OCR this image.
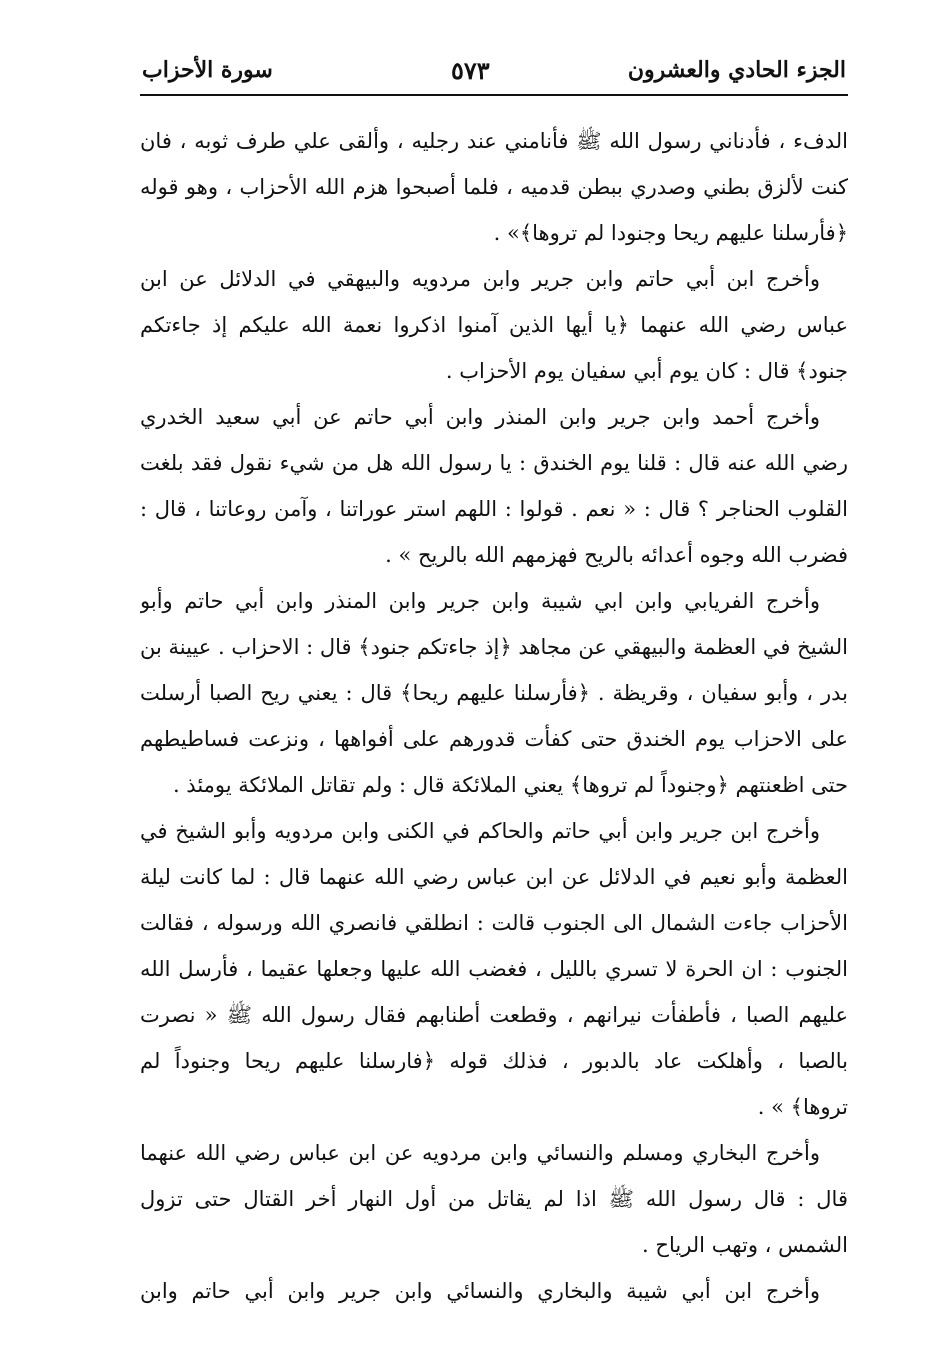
الجزء الحادي والعشرون
٥٧٣
سورة الأحزاب
الدفء ، فأدناني رسول الله ﷺ فأنامني عند رجليه ، وألقى علي طرف ثوبه ، فان
كنت لألزق بطني وصدري ببطن قدميه ، فلما أصبحوا هزم الله الأحزاب ، وهو قوله
﴿فأرسلنا عليهم ريحا وجنودا لم تروها﴾» .
وأخرج ابن أبي حاتم وابن جرير وابن مردويه والبيهقي في الدلائل عن ابن
عباس رضي الله عنهما ﴿يا أيها الذين آمنوا اذكروا نعمة الله عليكم إذ جاءتكم
جنود﴾ قال : كان يوم أبي سفيان يوم الأحزاب .
وأخرج أحمد وابن جرير وابن المنذر وابن أبي حاتم عن أبي سعيد الخدري
رضي الله عنه قال : قلنا يوم الخندق : يا رسول الله هل من شيء نقول فقد بلغت
القلوب الحناجر ؟ قال : « نعم . قولوا : اللهم استر عوراتنا ، وآمن روعاتنا ، قال :
فضرب الله وجوه أعدائه بالريح فهزمهم الله بالريح » .
وأخرج الفريابي وابن ابي شيبة وابن جرير وابن المنذر وابن أبي حاتم وأبو
الشيخ في العظمة والبيهقي عن مجاهد ﴿إذ جاءتكم جنود﴾ قال : الاحزاب . عيينة بن
بدر ، وأبو سفيان ، وقريظة . ﴿فأرسلنا عليهم ريحا﴾ قال : يعني ريح الصبا أرسلت
على الاحزاب يوم الخندق حتى كفأت قدورهم على أفواهها ، ونزعت فساطيطهم
حتى اظعنتهم ﴿وجنوداً لم تروها﴾ يعني الملائكة قال : ولم تقاتل الملائكة يومئذ .
وأخرج ابن جرير وابن أبي حاتم والحاكم في الكنى وابن مردويه وأبو الشيخ في
العظمة وأبو نعيم في الدلائل عن ابن عباس رضي الله عنهما قال : لما كانت ليلة
الأحزاب جاءت الشمال الى الجنوب قالت : انطلقي فانصري الله ورسوله ، فقالت
الجنوب : ان الحرة لا تسري بالليل ، فغضب الله عليها وجعلها عقيما ، فأرسل الله
عليهم الصبا ، فأطفأت نيرانهم ، وقطعت أطنابهم فقال رسول الله ﷺ « نصرت
بالصبا ، وأهلكت عاد بالدبور ، فذلك قوله ﴿فارسلنا عليهم ريحا وجنوداً لم
تروها﴾ » .
وأخرج البخاري ومسلم والنسائي وابن مردويه عن ابن عباس رضي الله عنهما
قال : قال رسول الله ﷺ اذا لم يقاتل من أول النهار أخر القتال حتى تزول
الشمس ، وتهب الرياح .
وأخرج ابن أبي شيبة والبخاري والنسائي وابن جرير وابن أبي حاتم وابن
